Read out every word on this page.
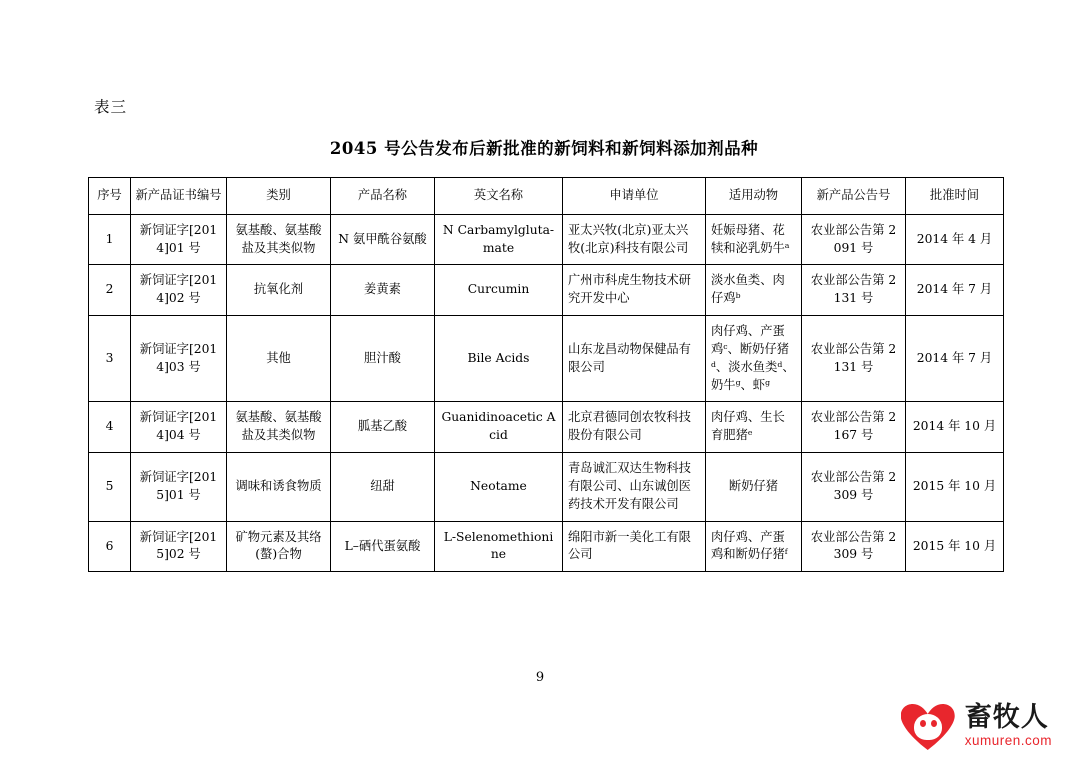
表三
2045 号公告发布后新批准的新饲料和新饲料添加剂品种
序号	新产品证书编号	类别	产品名称	英文名称	申请单位	适用动物	新产品公告号	批准时间
1	新饲证字[2014]01 号	氨基酸、氨基酸盐及其类似物	N 氨甲酰谷氨酸	N Carbamylgluta-mate	亚太兴牧(北京)亚太兴牧(北京)科技有限公司	妊娠母猪、花犊和泌乳奶牛ᵃ	农业部公告第 2091 号	2014 年 4 月
2	新饲证字[2014]02 号	抗氧化剂	姜黄素	Curcumin	广州市科虎生物技术研究开发中心	淡水鱼类、肉仔鸡ᵇ	农业部公告第 2131 号	2014 年 7 月
3	新饲证字[2014]03 号	其他	胆汁酸	Bile Acids	山东龙昌动物保健品有限公司	肉仔鸡、产蛋鸡ᶜ、断奶仔猪ᵈ、淡水鱼类ᵈ、奶牛ᵍ、虾ᵍ	农业部公告第 2131 号	2014 年 7 月
4	新饲证字[2014]04 号	氨基酸、氨基酸盐及其类似物	胍基乙酸	Guanidinoacetic Acid	北京君德同创农牧科技股份有限公司	肉仔鸡、生长育肥猪ᵉ	农业部公告第 2167 号	2014 年 10 月
5	新饲证字[2015]01 号	调味和诱食物质	纽甜	Neotame	青岛诚汇双达生物科技有限公司、山东诚创医药技术开发有限公司	断奶仔猪	农业部公告第 2309 号	2015 年 10 月
6	新饲证字[2015]02 号	矿物元素及其络(螯)合物	L–硒代蛋氨酸	L-Selenomethionine	绵阳市新一美化工有限公司	肉仔鸡、产蛋鸡和断奶仔猪ᶠ	农业部公告第 2309 号	2015 年 10 月
9
畜牧人
xumuren.com
